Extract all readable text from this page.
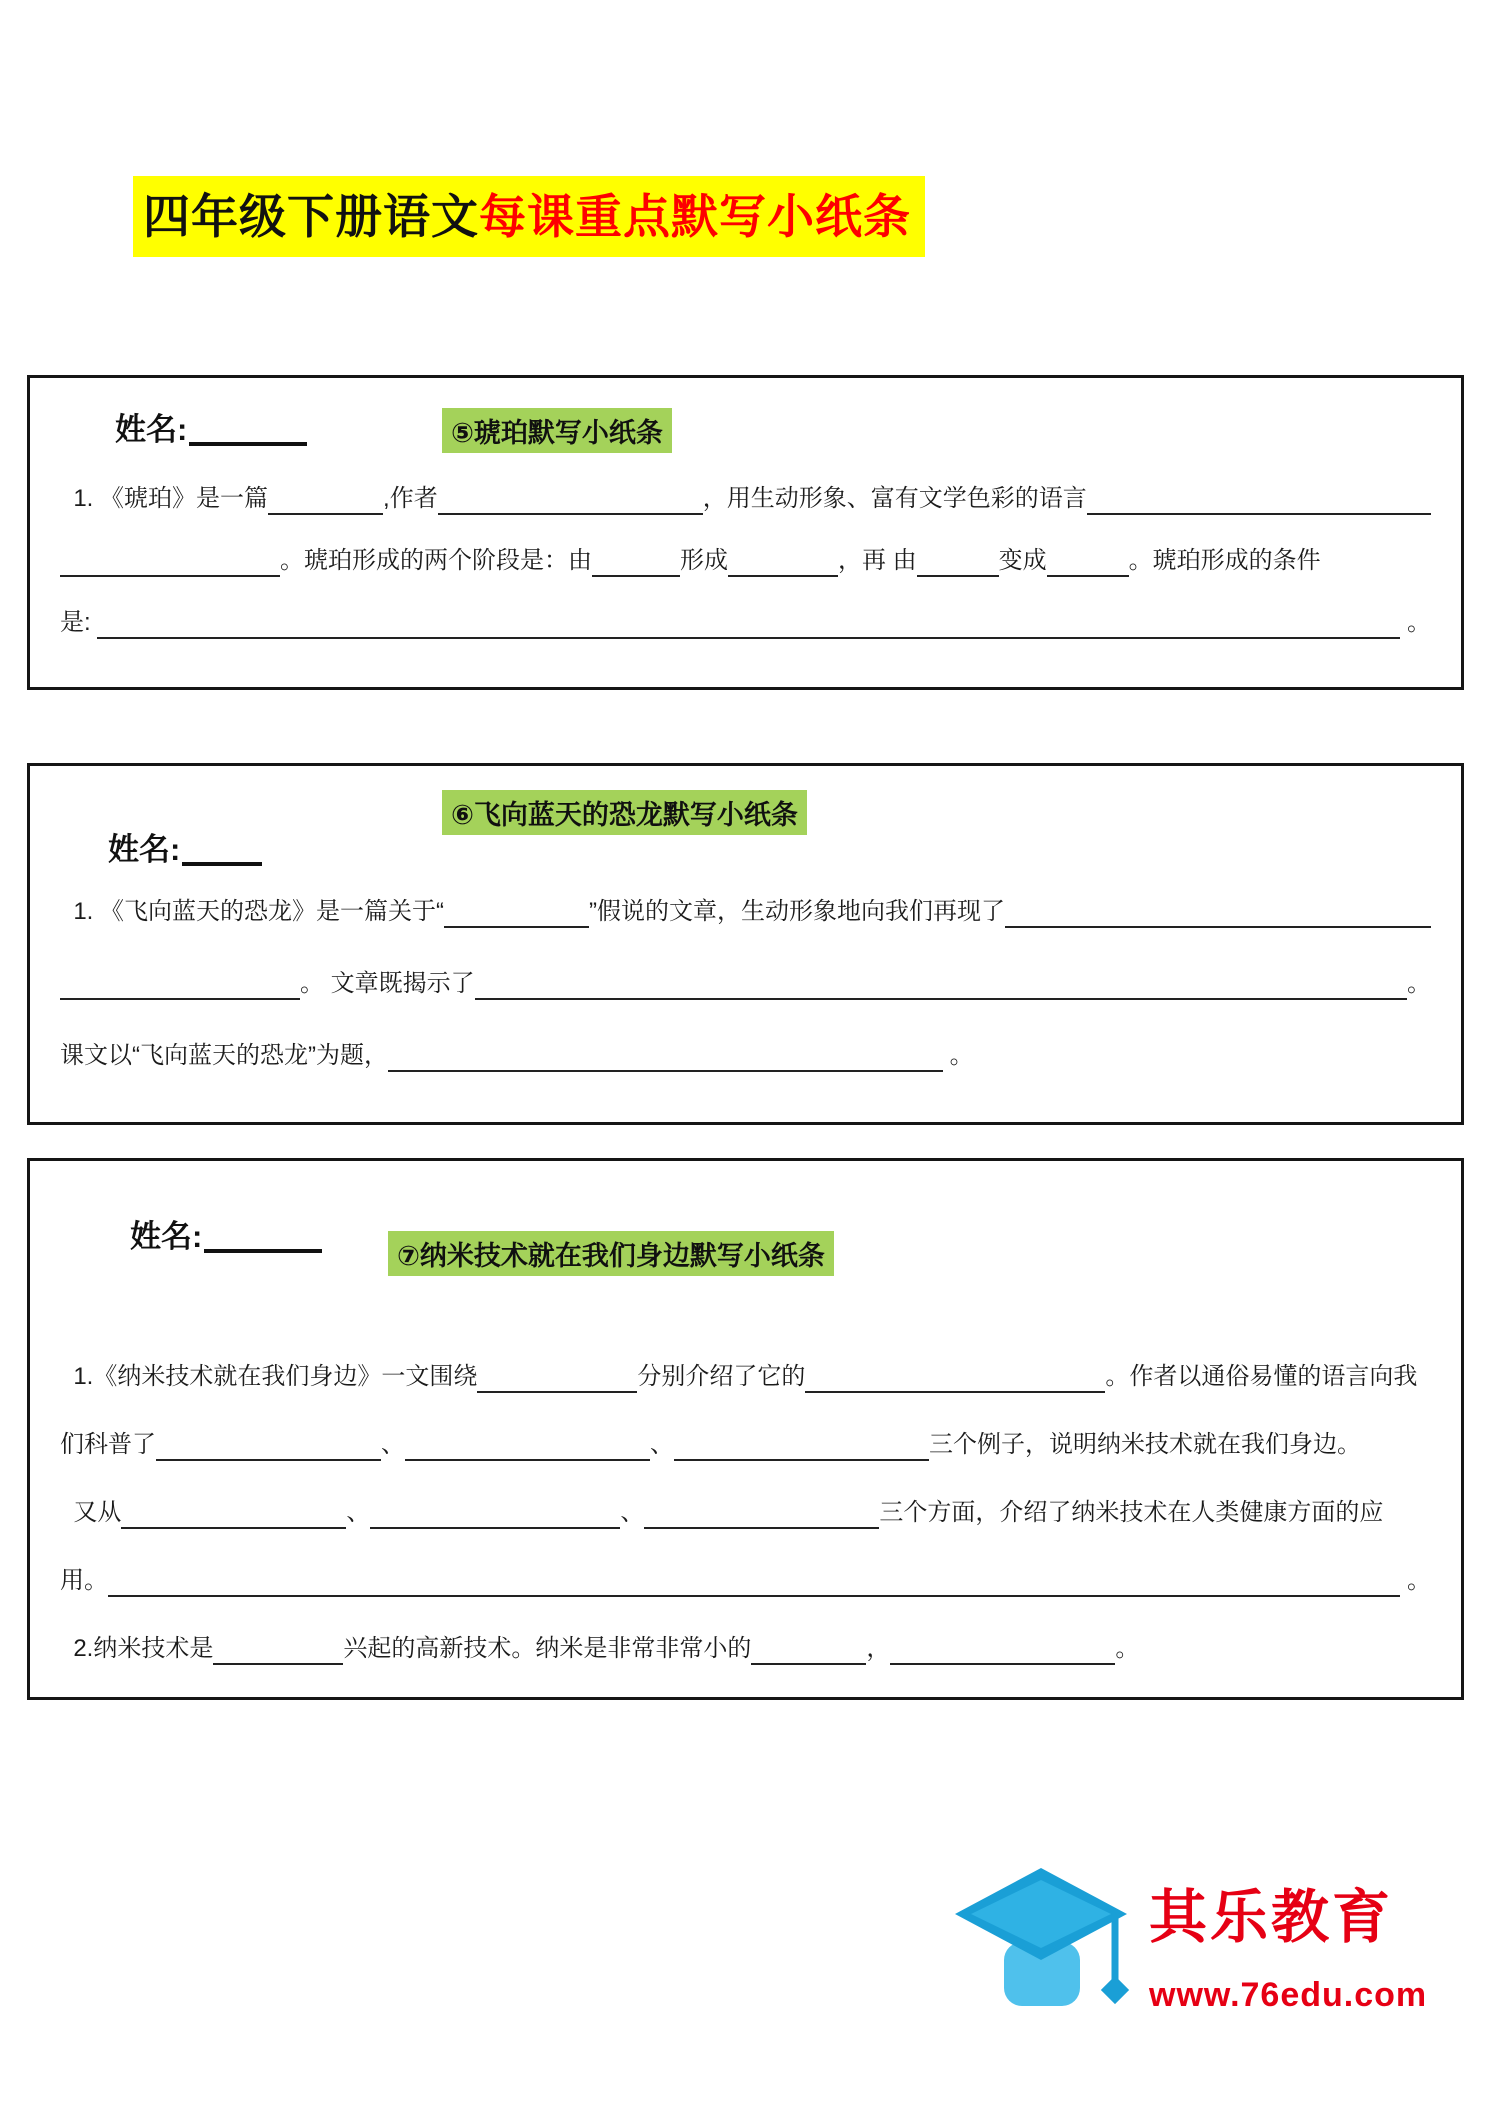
四年级下册语文每课重点默写小纸条
姓名:	⑤琥珀默写小纸条
1. 《琥珀》是一篇
	,作者
	，用生动形象、富有文学色彩的语言

。琥珀形成的两个阶段是：由
	形成
	，再 由
	变成
	。琥珀形成的条件
是:
	。
⑥飞向蓝天的恐龙默写小纸条
姓名:
1. 《飞向蓝天的恐龙》是一篇关于“
	”假说的文章，生动形象地向我们再现了

。 文章既揭示了
	。
课文以“飞向蓝天的恐龙”为题，
	。
姓名:
⑦纳米技术就在我们身边默写小纸条
1.《纳米技术就在我们身边》一文围绕
	分别介绍了它的
	。作者以通俗易懂的语言向我
们科普了
	、
	、
	三个例子，说明纳米技术就在我们身边。
又从
	、
	、
	三个方面，介绍了纳米技术在人类健康方面的应
用。
	。
2.纳米技术是
	兴起的高新技术。纳米是非常非常小的
	，
	。
其乐教育
www.76edu.com
